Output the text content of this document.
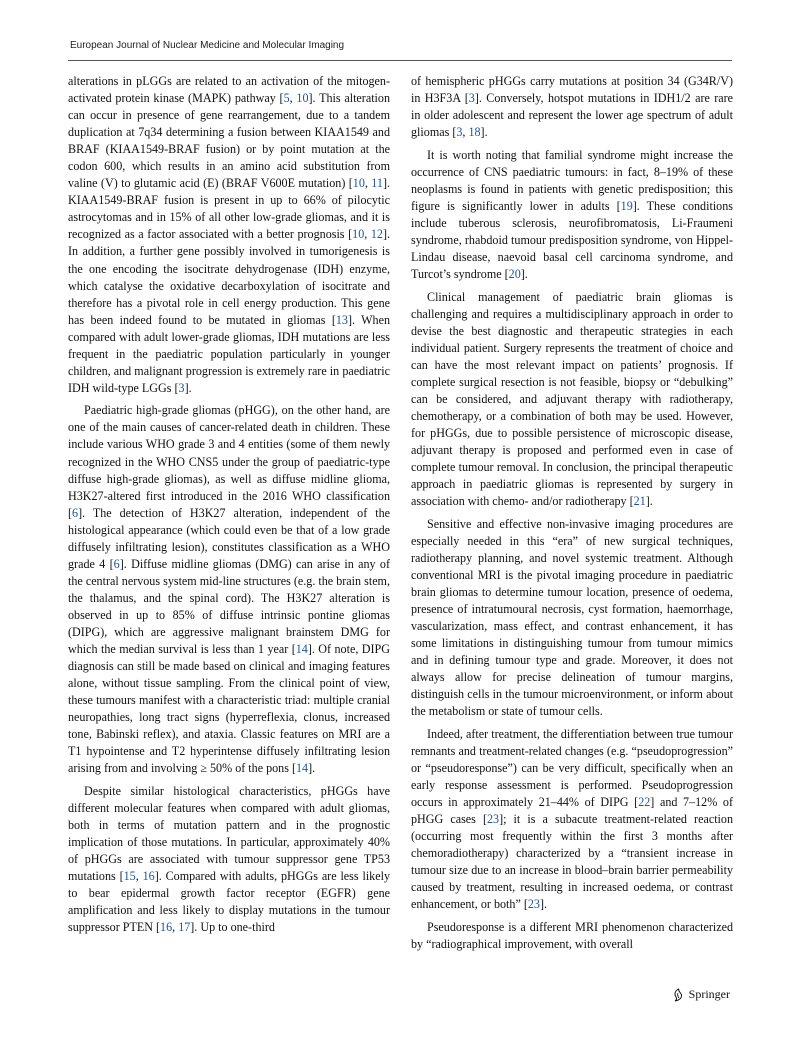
European Journal of Nuclear Medicine and Molecular Imaging

alterations in pLGGs are related to an activation of the mitogen-activated protein kinase (MAPK) pathway [5, 10]. This alteration can occur in presence of gene rearrangement, due to a tandem duplication at 7q34 determining a fusion between KIAA1549 and BRAF (KIAA1549-BRAF fusion) or by point mutation at the codon 600, which results in an amino acid substitution from valine (V) to glutamic acid (E) (BRAF V600E mutation) [10, 11]. KIAA1549-BRAF fusion is present in up to 66% of pilocytic astrocytomas and in 15% of all other low-grade gliomas, and it is recognized as a factor associated with a better prognosis [10, 12]. In addition, a further gene possibly involved in tumorigenesis is the one encoding the isocitrate dehydrogenase (IDH) enzyme, which catalyse the oxidative decarboxylation of isocitrate and therefore has a pivotal role in cell energy production. This gene has been indeed found to be mutated in gliomas [13]. When compared with adult lower-grade gliomas, IDH mutations are less frequent in the paediatric population particularly in younger children, and malignant progression is extremely rare in paediatric IDH wild-type LGGs [3].

Paediatric high-grade gliomas (pHGG), on the other hand, are one of the main causes of cancer-related death in children. These include various WHO grade 3 and 4 entities (some of them newly recognized in the WHO CNS5 under the group of paediatric-type diffuse high-grade gliomas), as well as diffuse midline glioma, H3K27-altered first introduced in the 2016 WHO classification [6]. The detection of H3K27 alteration, independent of the histological appearance (which could even be that of a low grade diffusely infiltrating lesion), constitutes classification as a WHO grade 4 [6]. Diffuse midline gliomas (DMG) can arise in any of the central nervous system mid-line structures (e.g. the brain stem, the thalamus, and the spinal cord). The H3K27 alteration is observed in up to 85% of diffuse intrinsic pontine gliomas (DIPG), which are aggressive malignant brainstem DMG for which the median survival is less than 1 year [14]. Of note, DIPG diagnosis can still be made based on clinical and imaging features alone, without tissue sampling. From the clinical point of view, these tumours manifest with a characteristic triad: multiple cranial neuropathies, long tract signs (hyperreflexia, clonus, increased tone, Babinski reflex), and ataxia. Classic features on MRI are a T1 hypointense and T2 hyperintense diffusely infiltrating lesion arising from and involving ≥ 50% of the pons [14].

Despite similar histological characteristics, pHGGs have different molecular features when compared with adult gliomas, both in terms of mutation pattern and in the prognostic implication of those mutations. In particular, approximately 40% of pHGGs are associated with tumour suppressor gene TP53 mutations [15, 16]. Compared with adults, pHGGs are less likely to bear epidermal growth factor receptor (EGFR) gene amplification and less likely to display mutations in the tumour suppressor PTEN [16, 17]. Up to one-third

of hemispheric pHGGs carry mutations at position 34 (G34R/V) in H3F3A [3]. Conversely, hotspot mutations in IDH1/2 are rare in older adolescent and represent the lower age spectrum of adult gliomas [3, 18].

It is worth noting that familial syndrome might increase the occurrence of CNS paediatric tumours: in fact, 8–19% of these neoplasms is found in patients with genetic predisposition; this figure is significantly lower in adults [19]. These conditions include tuberous sclerosis, neurofibromatosis, Li-Fraumeni syndrome, rhabdoid tumour predisposition syndrome, von Hippel-Lindau disease, naevoid basal cell carcinoma syndrome, and Turcot’s syndrome [20].

Clinical management of paediatric brain gliomas is challenging and requires a multidisciplinary approach in order to devise the best diagnostic and therapeutic strategies in each individual patient. Surgery represents the treatment of choice and can have the most relevant impact on patients’ prognosis. If complete surgical resection is not feasible, biopsy or “debulking” can be considered, and adjuvant therapy with radiotherapy, chemotherapy, or a combination of both may be used. However, for pHGGs, due to possible persistence of microscopic disease, adjuvant therapy is proposed and performed even in case of complete tumour removal. In conclusion, the principal therapeutic approach in paediatric gliomas is represented by surgery in association with chemo- and/or radiotherapy [21].

Sensitive and effective non-invasive imaging procedures are especially needed in this “era” of new surgical techniques, radiotherapy planning, and novel systemic treatment. Although conventional MRI is the pivotal imaging procedure in paediatric brain gliomas to determine tumour location, presence of oedema, presence of intratumoural necrosis, cyst formation, haemorrhage, vascularization, mass effect, and contrast enhancement, it has some limitations in distinguishing tumour from tumour mimics and in defining tumour type and grade. Moreover, it does not always allow for precise delineation of tumour margins, distinguish cells in the tumour microenvironment, or inform about the metabolism or state of tumour cells.

Indeed, after treatment, the differentiation between true tumour remnants and treatment-related changes (e.g. “pseudoprogression” or “pseudoresponse”) can be very difficult, specifically when an early response assessment is performed. Pseudoprogression occurs in approximately 21–44% of DIPG [22] and 7–12% of pHGG cases [23]; it is a subacute treatment-related reaction (occurring most frequently within the first 3 months after chemoradiotherapy) characterized by a “transient increase in tumour size due to an increase in blood–brain barrier permeability caused by treatment, resulting in increased oedema, or contrast enhancement, or both” [23].

Pseudoresponse is a different MRI phenomenon characterized by “radiographical improvement, with overall

Springer
